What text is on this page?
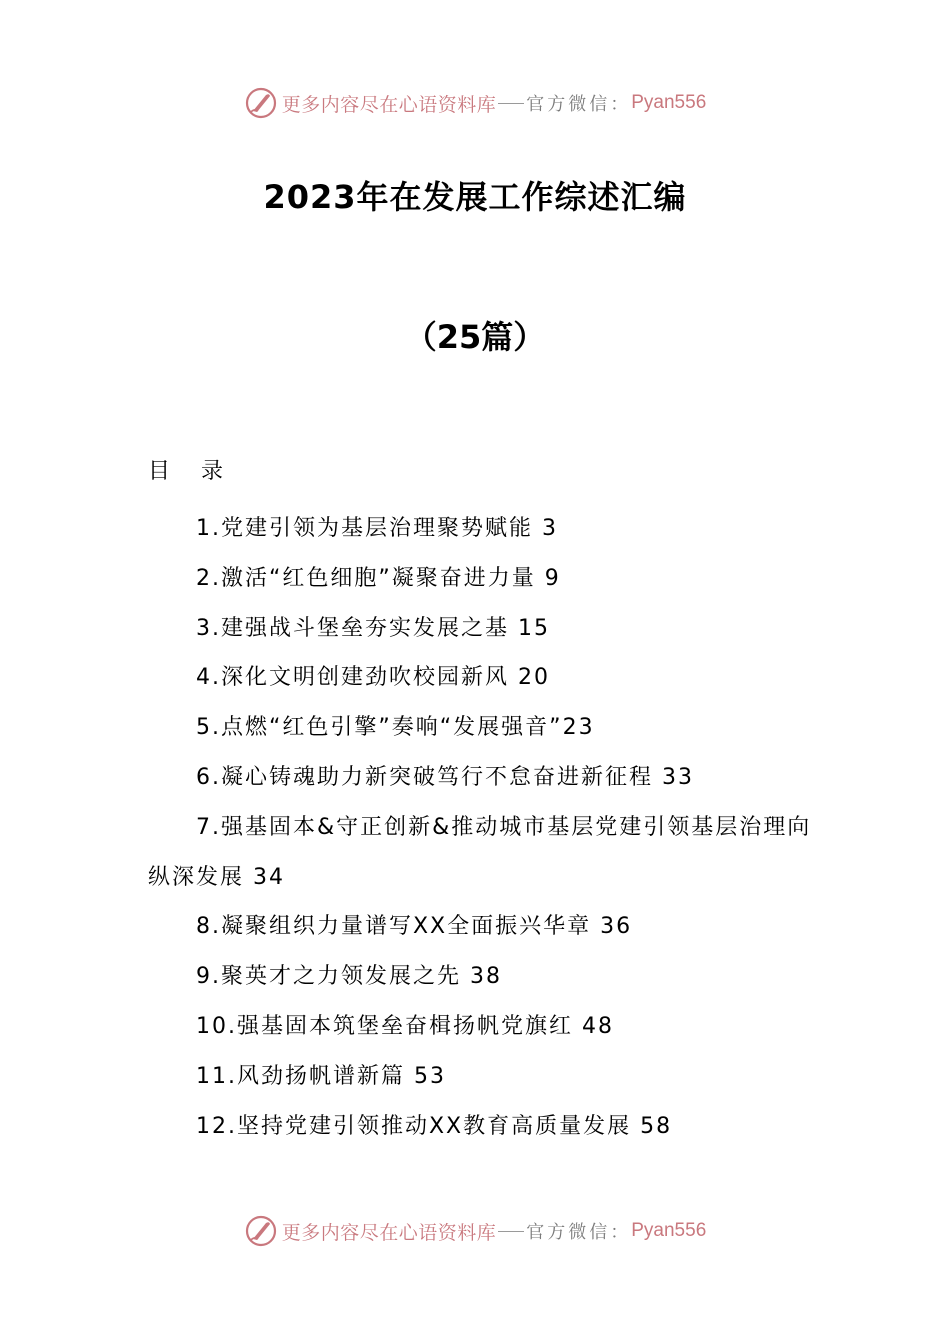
更多内容尽在心语资料库 官方微信： Pyan556
2023年在发展工作综述汇编
（25篇）
目 录
1.党建引领为基层治理聚势赋能 3
2.激活“红色细胞”凝聚奋进力量 9
3.建强战斗堡垒夯实发展之基 15
4.深化文明创建劲吹校园新风 20
5.点燃“红色引擎”奏响“发展强音”23
6.凝心铸魂助力新突破笃行不怠奋进新征程 33
7.强基固本&守正创新&推动城市基层党建引领基层治理向纵深发展 34
8.凝聚组织力量谱写XX全面振兴华章 36
9.聚英才之力领发展之先 38
10.强基固本筑堡垒奋楫扬帆党旗红 48
11.风劲扬帆谱新篇 53
12.坚持党建引领推动XX教育高质量发展 58
更多内容尽在心语资料库 官方微信： Pyan556
